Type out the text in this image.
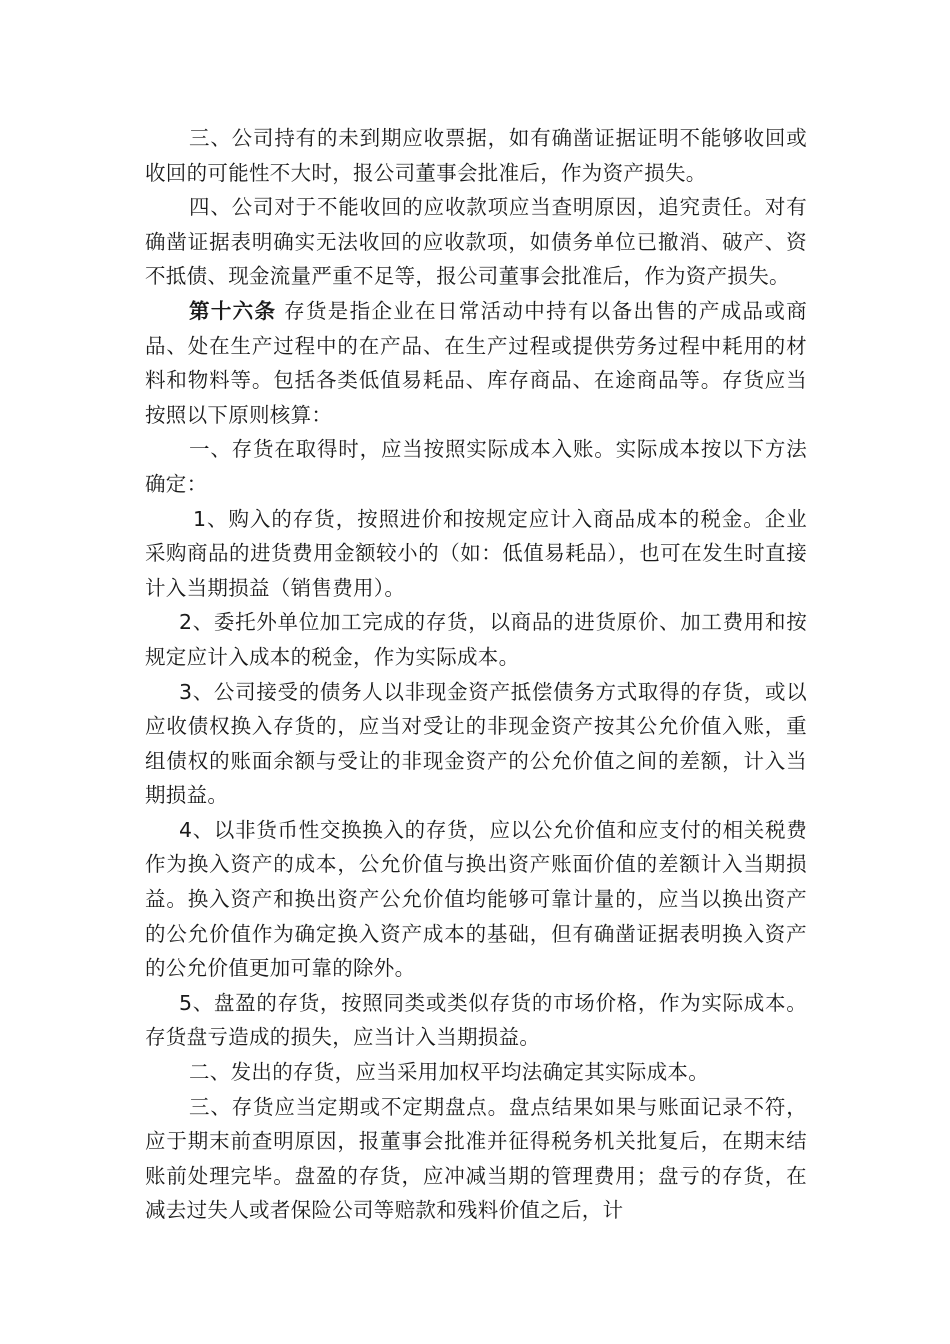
三、公司持有的未到期应收票据，如有确凿证据证明不能够收回或收回的可能性不大时，报公司董事会批准后，作为资产损失。

四、公司对于不能收回的应收款项应当查明原因，追究责任。对有确凿证据表明确实无法收回的应收款项，如债务单位已撤消、破产、资不抵债、现金流量严重不足等，报公司董事会批准后，作为资产损失。

第十六条 存货是指企业在日常活动中持有以备出售的产成品或商品、处在生产过程中的在产品、在生产过程或提供劳务过程中耗用的材料和物料等。包括各类低值易耗品、库存商品、在途商品等。存货应当按照以下原则核算：

一、存货在取得时，应当按照实际成本入账。实际成本按以下方法确定：

1、购入的存货，按照进价和按规定应计入商品成本的税金。企业采购商品的进货费用金额较小的（如：低值易耗品），也可在发生时直接计入当期损益（销售费用）。

2、委托外单位加工完成的存货，以商品的进货原价、加工费用和按规定应计入成本的税金，作为实际成本。

3、公司接受的债务人以非现金资产抵偿债务方式取得的存货，或以应收债权换入存货的，应当对受让的非现金资产按其公允价值入账，重组债权的账面余额与受让的非现金资产的公允价值之间的差额，计入当期损益。

4、以非货币性交换换入的存货，应以公允价值和应支付的相关税费作为换入资产的成本，公允价值与换出资产账面价值的差额计入当期损益。换入资产和换出资产公允价值均能够可靠计量的，应当以换出资产的公允价值作为确定换入资产成本的基础，但有确凿证据表明换入资产的公允价值更加可靠的除外。

5、盘盈的存货，按照同类或类似存货的市场价格，作为实际成本。存货盘亏造成的损失，应当计入当期损益。

二、发出的存货，应当采用加权平均法确定其实际成本。

三、存货应当定期或不定期盘点。盘点结果如果与账面记录不符，应于期末前查明原因，报董事会批准并征得税务机关批复后，在期末结账前处理完毕。盘盈的存货，应冲减当期的管理费用；盘亏的存货，在减去过失人或者保险公司等赔款和残料价值之后，计
